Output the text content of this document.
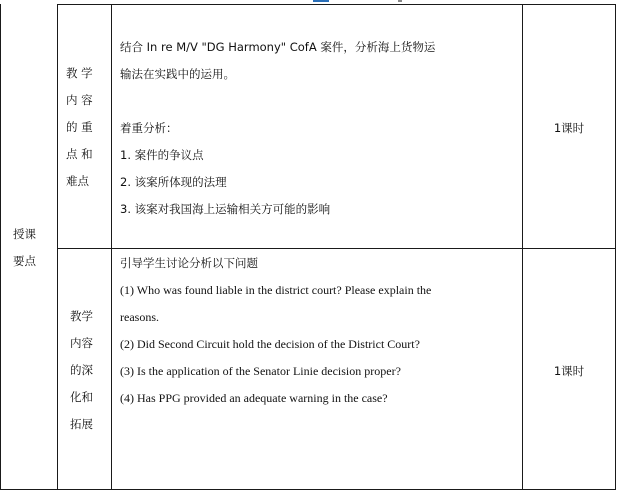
授课
要点
教 学
内 容
的 重
点 和
难点
结合 In re M/V "DG Harmony" CofA 案件，分析海上货物运
输法在实践中的运用。
着重分析：
1. 案件的争议点
2. 该案所体现的法理
3. 该案对我国海上运输相关方可能的影响
1课时
教学
内容
的深
化和
拓展
引导学生讨论分析以下问题
(1) Who was found liable in the district court? Please explain the
reasons.
(2) Did Second Circuit hold the decision of the District Court?
(3) Is the application of the Senator Linie decision proper?
(4) Has PPG provided an adequate warning in the case?
1课时
